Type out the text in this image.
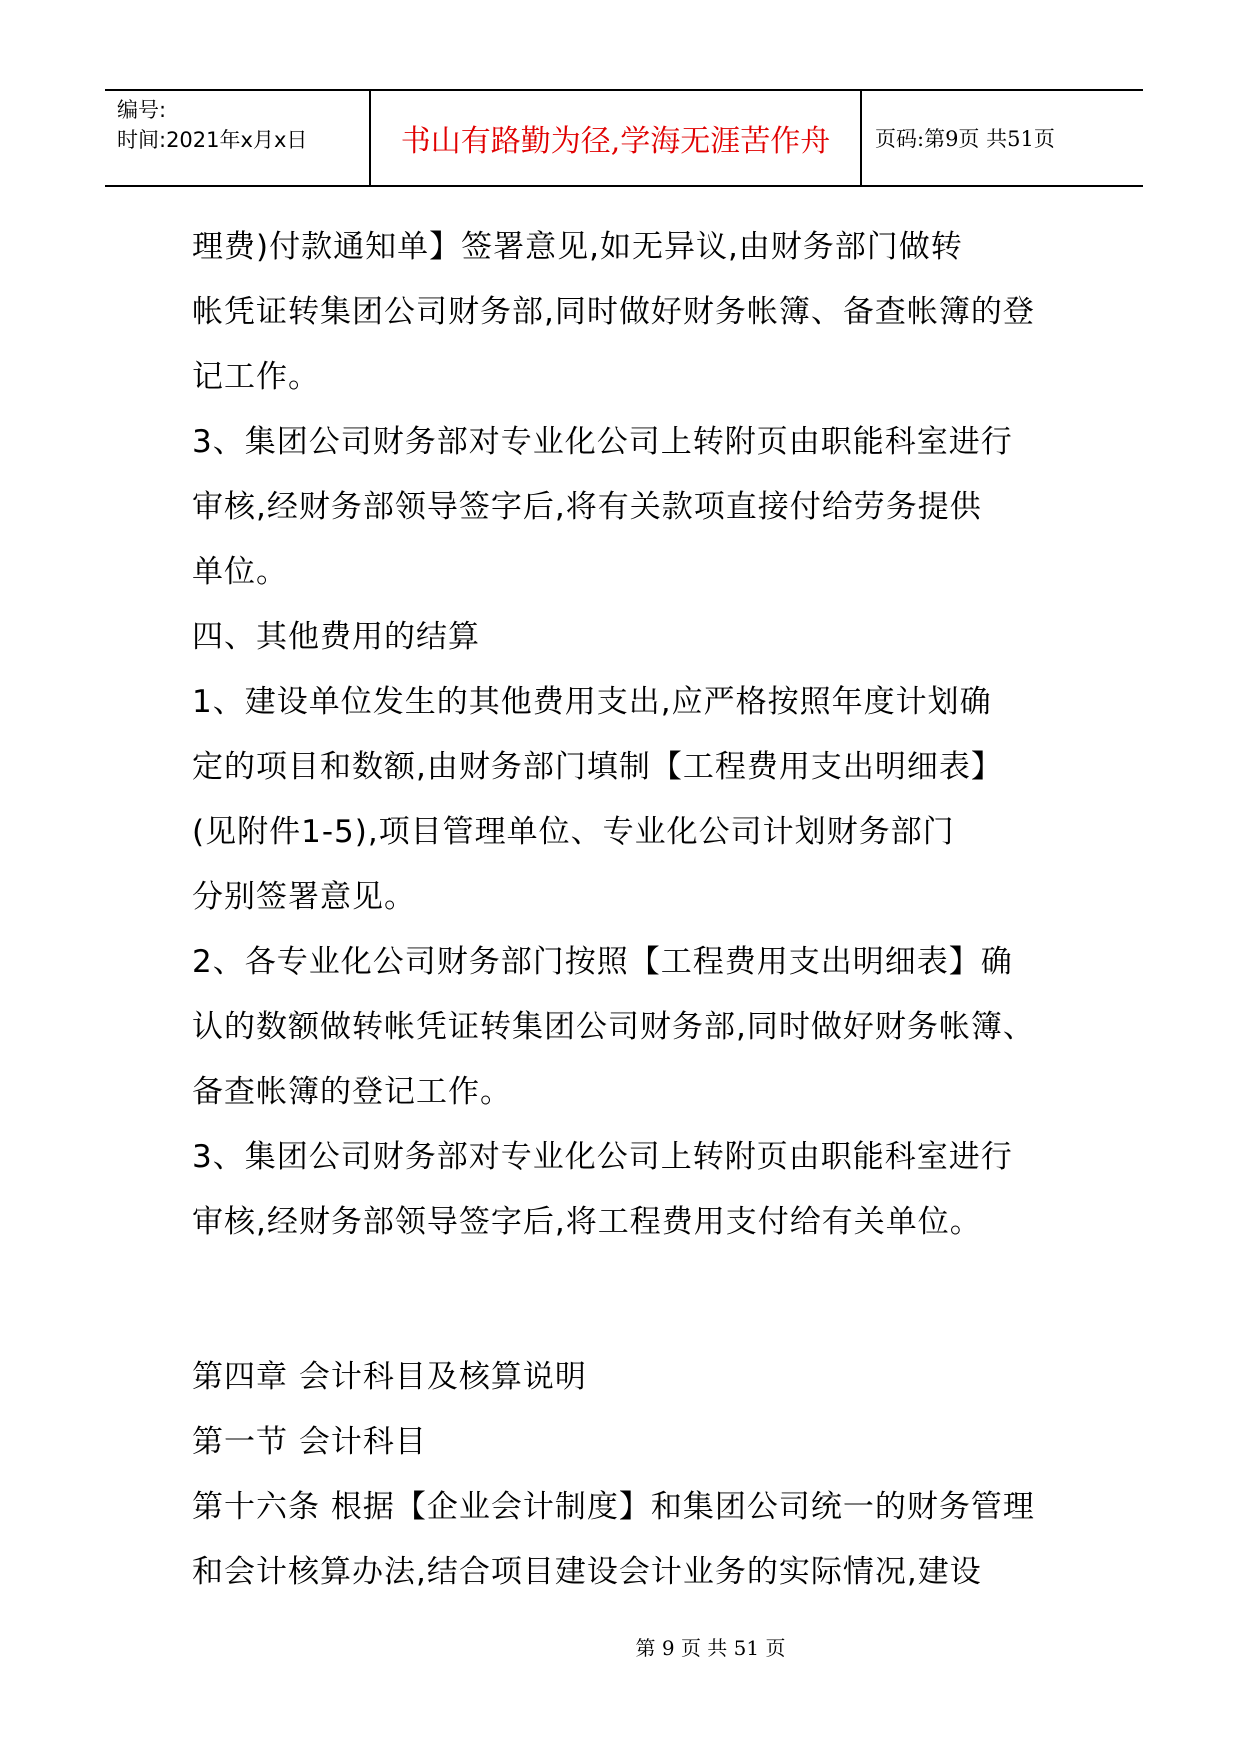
编号:
时间:2021年x月x日	书山有路勤为径,学海无涯苦作舟	页码:第9页 共51页
理费)付款通知单】签署意见,如无异议,由财务部门做转
帐凭证转集团公司财务部,同时做好财务帐簿、备查帐簿的登
记工作。
3、集团公司财务部对专业化公司上转附页由职能科室进行
审核,经财务部领导签字后,将有关款项直接付给劳务提供
单位。
四、其他费用的结算
1、建设单位发生的其他费用支出,应严格按照年度计划确
定的项目和数额,由财务部门填制【工程费用支出明细表】
(见附件1-5),项目管理单位、专业化公司计划财务部门
分别签署意见。
2、各专业化公司财务部门按照【工程费用支出明细表】确
认的数额做转帐凭证转集团公司财务部,同时做好财务帐簿、
备查帐簿的登记工作。
3、集团公司财务部对专业化公司上转附页由职能科室进行
审核,经财务部领导签字后,将工程费用支付给有关单位。
第四章 会计科目及核算说明
第一节 会计科目
第十六条 根据【企业会计制度】和集团公司统一的财务管理
和会计核算办法,结合项目建设会计业务的实际情况,建设
第 9 页 共 51 页
